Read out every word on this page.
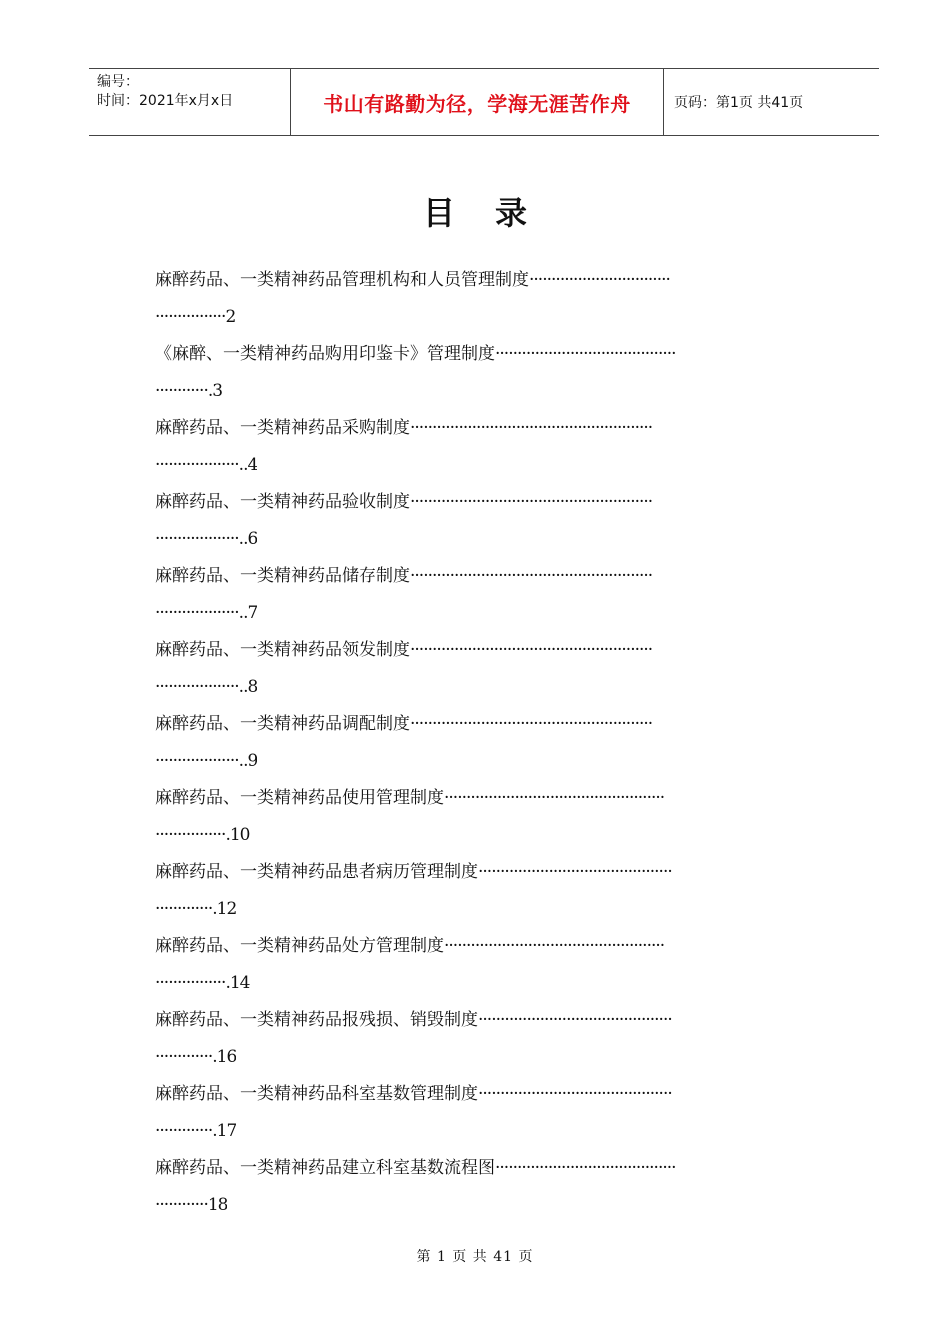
编号：
时间：2021年x月x日	书山有路勤为径，学海无涯苦作舟	页码：第1页 共41页
目录
麻醉药品、一类精神药品管理机构和人员管理制度································
················2
《麻醉、一类精神药品购用印鉴卡》管理制度·········································
············.3
麻醉药品、一类精神药品采购制度·······················································
···················..4
麻醉药品、一类精神药品验收制度·······················································
···················..6
麻醉药品、一类精神药品储存制度·······················································
···················..7
麻醉药品、一类精神药品领发制度·······················································
···················..8
麻醉药品、一类精神药品调配制度·······················································
···················..9
麻醉药品、一类精神药品使用管理制度··················································
················.10
麻醉药品、一类精神药品患者病历管理制度············································
·············.12
麻醉药品、一类精神药品处方管理制度··················································
················.14
麻醉药品、一类精神药品报残损、销毁制度············································
·············.16
麻醉药品、一类精神药品科室基数管理制度············································
·············.17
麻醉药品、一类精神药品建立科室基数流程图·········································
············18
第 1 页 共 41 页
